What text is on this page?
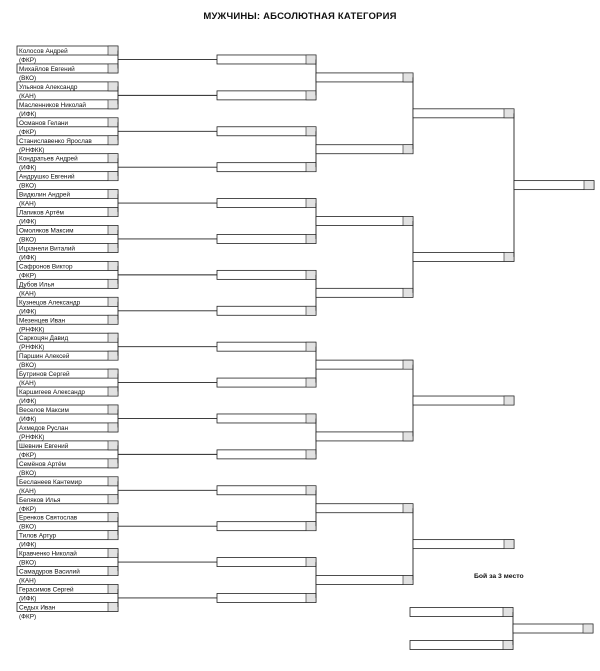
МУЖЧИНЫ: АБСОЛЮТНАЯ КАТЕГОРИЯ
Колосов Андрей
(ФКР)
Михайлов Евгений
(ВКО)
Ульянов Александр
(КАН)
Масленников Николай
(ИФК)
Османов Гелани
(ФКР)
Станиславенко Ярослав
(РНФКК)
Кондратьев Андрей
(ИФК)
Андрушко Евгений
(ВКО)
Видюлин Андрей
(КАН)
Лапиков Артём
(ИФК)
Омоляков Максим
(ВКО)
Ицханели Виталий
(ИФК)
Сафронов Виктор
(ФКР)
Дубов Илья
(КАН)
Кузнецов Александр
(ИФК)
Мезенцев Иван
(РНФКК)
Саркоцян Давид
(РНФКК)
Паршин Алексей
(ВКО)
Бутринов Сергей
(КАН)
Каршигеев Александр
(ИФК)
Веселов Максим
(ИФК)
Ахмедов Руслан
(РНФКК)
Шевнин Евгений
(ФКР)
Семёнов Артём
(ВКО)
Бесланеев Кантемир
(КАН)
Беляков Илья
(ФКР)
Еренков Святослав
(ВКО)
Тилов Артур
(ИФК)
Кравченко Николай
(ВКО)
Самадуров Василий
(КАН)
Герасимов Сергей
(ИФК)
Седых Иван
(ФКР)
Бой за 3 место
